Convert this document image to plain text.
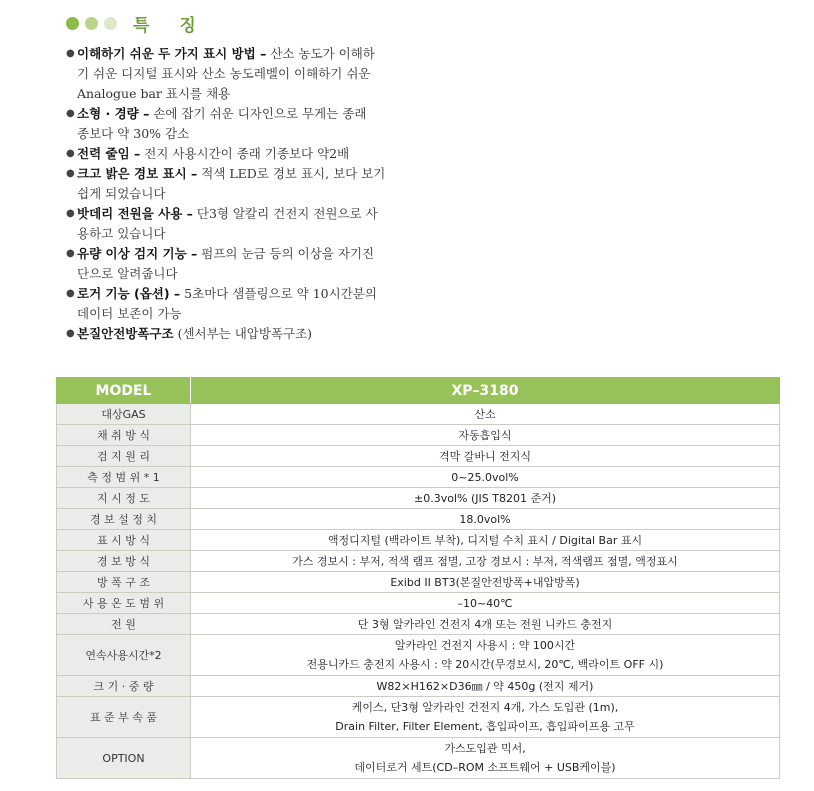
특 징
● 이해하기 쉬운 두 가지 표시 방법 – 산소 농도가 이해하
기 쉬운 디지털 표시와 산소 농도레벨이 이해하기 쉬운
Analogue bar 표시를 채용
● 소형 · 경량 – 손에 잡기 쉬운 디자인으로 무게는 종래
종보다 약 30% 감소
● 전력 줄임 – 전지 사용시간이 종래 기종보다 약2배
● 크고 밝은 경보 표시 – 적색 LED로 경보 표시, 보다 보기
쉽게 되었습니다
● 밧데리 전원을 사용 – 단3형 알칼리 건전지 전원으로 사
용하고 있습니다
● 유량 이상 검지 기능 – 펌프의 눈금 등의 이상을 자기진
단으로 알려줍니다
● 로거 기능 (옵션) – 5초마다 샘플링으로 약 10시간분의
데이터 보존이 가능
● 본질안전방폭구조 (센서부는 내압방폭구조)
MODEL	XP–3180
대상GAS	산소

채 취 방 식	자동흡입식

검 지 원 리	격막 갈바니 전지식

측 정 범 위 * 1	0~25.0vol%

지 시 정 도	±0.3vol% (JIS T8201 준거)

경 보 설 정 치	18.0vol%

표 시 방 식	액정디지털 (백라이트 부착), 디지털 수치 표시 / Digital Bar 표시

경 보 방 식	가스 경보시 : 부저, 적색 램프 점멸, 고장 경보시 : 부저, 적색램프 점멸, 액정표시

방 폭 구 조	Exibd II BT3(본질안전방폭+내압방폭)

사 용 온 도 범 위	–10~40℃

전 원	단 3형 알카라인 건전지 4개 또는 전원 니카드 충전지

연속사용시간*2	알카라인 건전지 사용시 : 약 100시간
전용니카드 충전지 사용시 : 약 20시간(무경보시, 20℃, 백라이트 OFF 시)

크 기 · 중 량	W82×H162×D36㎜ / 약 450g (전지 제거)

표 준 부 속 품	케이스, 단3형 알카라인 건전지 4개, 가스 도입관 (1m),
Drain Filter, Filter Element, 흡입파이프, 흡입파이프용 고무

OPTION	가스도입관 믹서,
데이터로거 세트(CD–ROM 소프트웨어 + USB케이블)
